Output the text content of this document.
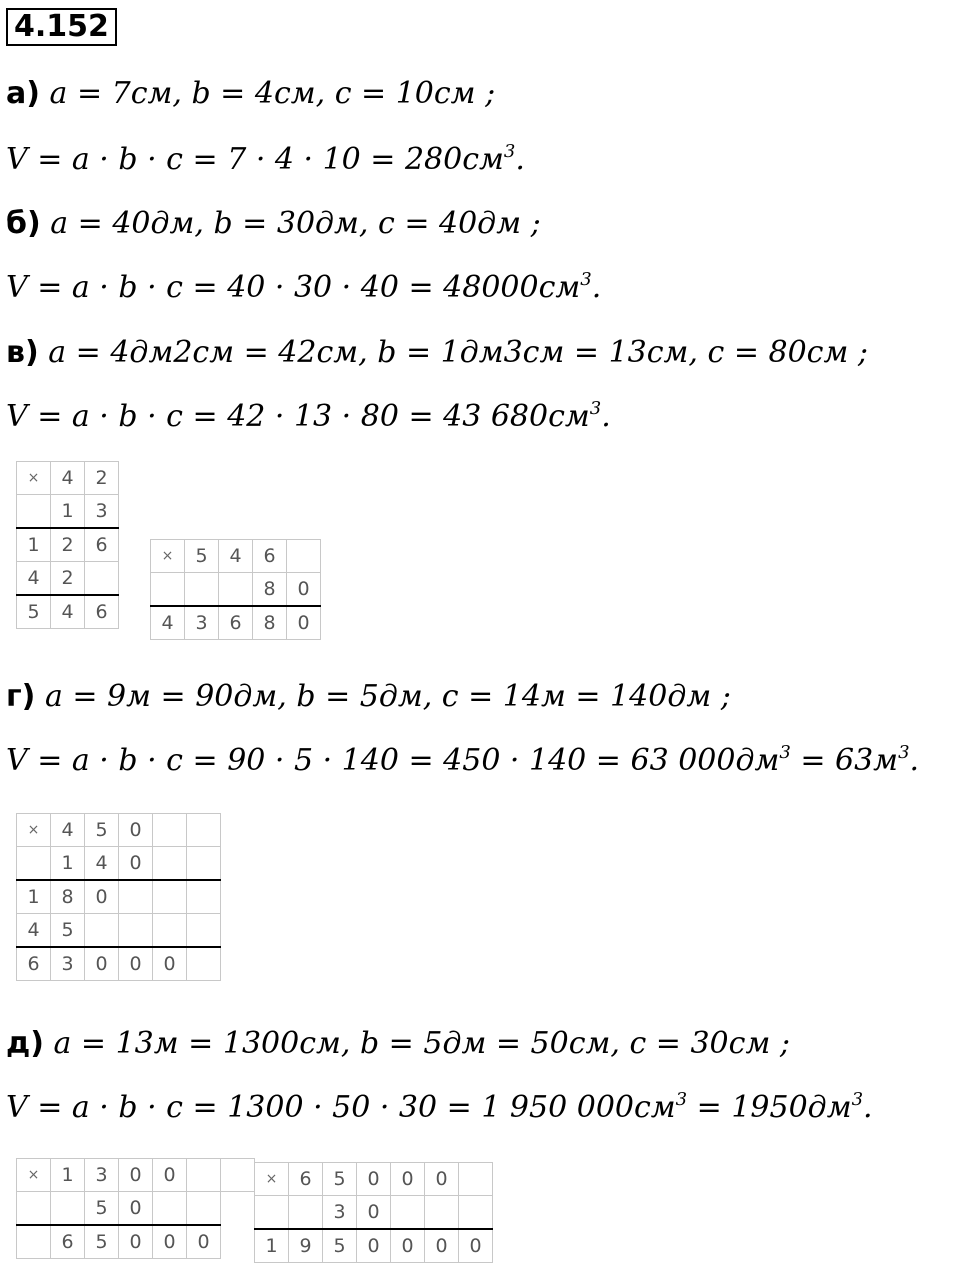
4.152
а) a = 7см, b = 4см, c = 10см ;
$V = a \cdot b \cdot c = 7 \cdot 4 \cdot 10 = 280см^3$.
б) a = 40дм, b = 30дм, c = 40дм ;
$V = a \cdot b \cdot c = 40 \cdot 30 \cdot 40 = 48000см^3$.
в) a = 4дм2см = 42см, b = 1дм3см = 13см, c = 80см ;
V = a · b · c = 42 · 13 · 80 = 43 $680см^3$.
×	4	2
	1	3
1	2	6
4	2	
5	4	6
×	5	4	6	
			8	0
4	3	6	8	0
г) a = 9м = 90дм, b = 5дм, c = 14м = 140дм ;
V = a · b · c = 90 · 5 · 140 = 450 · 140 = 63 $000дм^3 = 63м^3$.
×	4	5	0		
	1	4	0		
1	8	0			
4	5				
6	3	0	0	0	
д) a = 13м = 1300см, b = 5дм = 50см, c = 30см ;
V = a · b · c = 1300 · 50 · 30 = 1 950 $000см^3 = 1950дм^3$.
×	1	3	0	0		
		5	0			
	6	5	0	0	0	
×	6	5	0	0	0	
		3	0			
1	9	5	0	0	0	0
